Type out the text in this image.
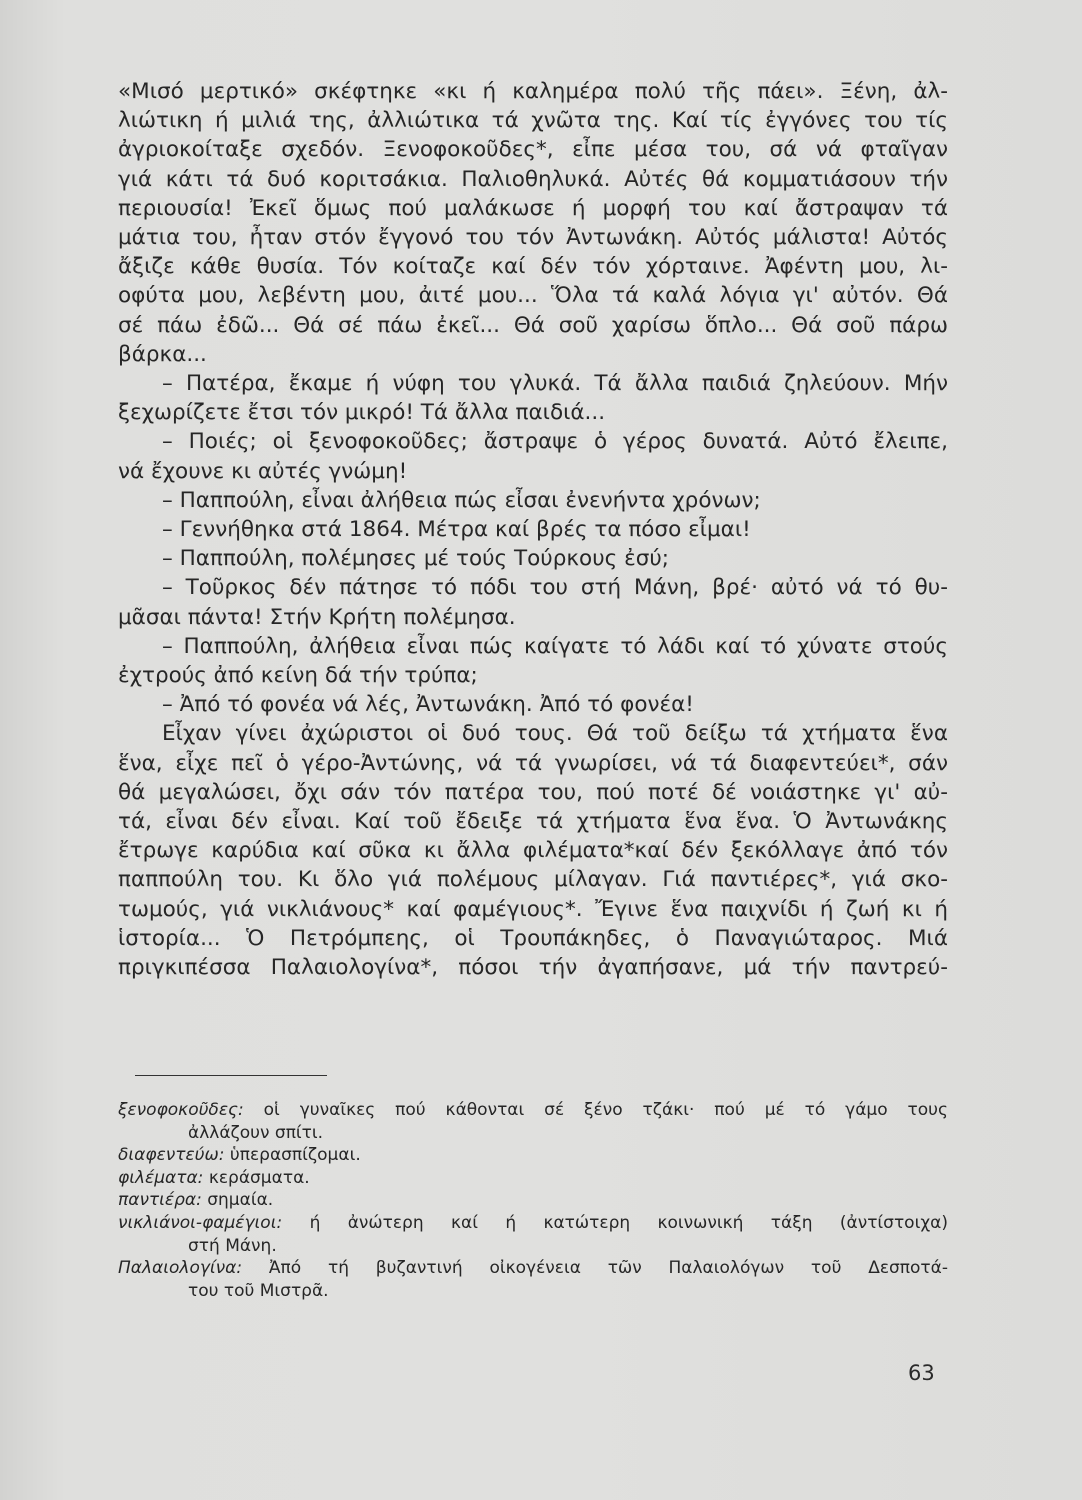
«Μισό μερτικό» σκέφτηκε «κι ή καλημέρα πολύ τῆς πάει». Ξένη, ἀλ-
λιώτικη ή μιλιά της, ἀλλιώτικα τά χνῶτα της. Καί τίς ἐγγόνες του τίς
ἀγριοκοίταξε σχεδόν. Ξενοφοκοῦδες*, εἶπε μέσα του, σά νά φταῖγαν
γιά κάτι τά δυό κοριτσάκια. Παλιοθηλυκά. Αὐτές θά κομματιάσουν τήν
περιουσία! Ἐκεῖ ὅμως πού μαλάκωσε ή μορφή του καί ἄστραψαν τά
μάτια του, ἦταν στόν ἔγγονό του τόν Ἀντωνάκη. Αὐτός μάλιστα! Αὐτός
ἄξιζε κάθε θυσία. Τόν κοίταζε καί δέν τόν χόρταινε. Ἀφέντη μου, λι-
οφύτα μου, λεβέντη μου, ἀιτέ μου... Ὅλα τά καλά λόγια γι' αὐτόν. Θά
σέ πάω ἐδῶ... Θά σέ πάω ἐκεῖ... Θά σοῦ χαρίσω ὅπλο... Θά σοῦ πάρω
βάρκα...
– Πατέρα, ἔκαμε ή νύφη του γλυκά. Τά ἄλλα παιδιά ζηλεύουν. Μήν
ξεχωρίζετε ἔτσι τόν μικρό! Τά ἄλλα παιδιά...
– Ποιές; οἱ ξενοφοκοῦδες; ἄστραψε ὁ γέρος δυνατά. Αὐτό ἔλειπε,
νά ἔχουνε κι αὐτές γνώμη!
– Παππούλη, εἶναι ἀλήθεια πώς εἶσαι ἐνενήντα χρόνων;
– Γεννήθηκα στά 1864. Μέτρα καί βρές τα πόσο εἶμαι!
– Παππούλη, πολέμησες μέ τούς Τούρκους ἐσύ;
– Τοῦρκος δέν πάτησε τό πόδι του στή Μάνη, βρέ· αὐτό νά τό θυ-
μᾶσαι πάντα! Στήν Κρήτη πολέμησα.
– Παππούλη, ἀλήθεια εἶναι πώς καίγατε τό λάδι καί τό χύνατε στούς
ἐχτρούς ἀπό κείνη δά τήν τρύπα;
– Ἀπό τό φονέα νά λές, Ἀντωνάκη. Ἀπό τό φονέα!
Εἶχαν γίνει ἀχώριστοι οἱ δυό τους. Θά τοῦ δείξω τά χτήματα ἕνα
ἕνα, εἶχε πεῖ ὁ γέρο-Ἀντώνης, νά τά γνωρίσει, νά τά διαφεντεύει*, σάν
θά μεγαλώσει, ὄχι σάν τόν πατέρα του, πού ποτέ δέ νοιάστηκε γι' αὐ-
τά, εἶναι δέν εἶναι. Καί τοῦ ἔδειξε τά χτήματα ἕνα ἕνα. Ὁ Ἀντωνάκης
ἔτρωγε καρύδια καί σῦκα κι ἄλλα φιλέματα*καί δέν ξεκόλλαγε ἀπό τόν
παππούλη του. Κι ὅλο γιά πολέμους μίλαγαν. Γιά παντιέρες*, γιά σκο-
τωμούς, γιά νικλιάνους* καί φαμέγιους*. Ἔγινε ἕνα παιχνίδι ή ζωή κι ή
ἱστορία... Ὁ Πετρόμπεης, οἱ Τρουπάκηδες, ὁ Παναγιώταρος. Μιά
πριγκιπέσσα Παλαιολογίνα*, πόσοι τήν ἀγαπήσανε, μά τήν παντρεύ-
ξενοφοκοῦδες: οἱ γυναῖκες πού κάθονται σέ ξένο τζάκι· πού μέ τό γάμο τους
ἀλλάζουν σπίτι.
διαφεντεύω: ὑπερασπίζομαι.
φιλέματα: κεράσματα.
παντιέρα: σημαία.
νικλιάνοι-φαμέγιοι: ή ἀνώτερη καί ή κατώτερη κοινωνική τάξη (ἀντίστοιχα)
στή Μάνη.
Παλαιολογίνα: Ἀπό τή βυζαντινή οἰκογένεια τῶν Παλαιολόγων τοῦ Δεσποτά-
του τοῦ Μιστρᾶ.
63
